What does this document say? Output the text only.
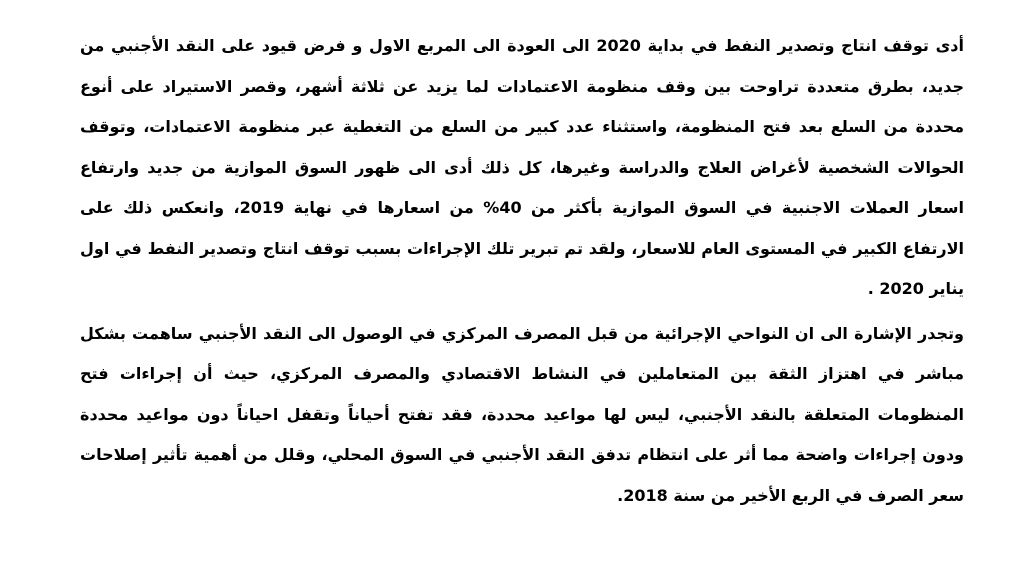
أدى توقف انتاج وتصدير النفط في بداية 2020 الى العودة الى المربع الاول و فرض قيود على النقد الأجنبي من جديد، بطرق متعددة تراوحت بين وقف منظومة الاعتمادات لما يزيد عن ثلاثة أشهر، وقصر الاستيراد على أنوع محددة من السلع بعد فتح المنظومة، واستثناء عدد كبير من السلع من التغطية عبر منظومة الاعتمادات، وتوقف الحوالات الشخصية لأغراض العلاج والدراسة وغيرها، كل ذلك أدى الى ظهور السوق الموازية من جديد وارتفاع اسعار العملات الاجنبية في السوق الموازية بأكثر من 40% من اسعارها في نهاية 2019، وانعكس ذلك على الارتفاع الكبير في المستوى العام للاسعار، ولقد تم تبرير تلك الإجراءات بسبب توقف انتاج وتصدير النفط في اول يناير 2020 .

وتجدر الإشارة الى ان النواحي الإجرائية من قبل المصرف المركزي في الوصول الى النقد الأجنبي ساهمت بشكل مباشر في اهتزاز الثقة بين المتعاملين في النشاط الاقتصادي والمصرف المركزي، حيث أن إجراءات فتح المنظومات المتعلقة بالنقد الأجنبي، ليس لها مواعيد محددة، فقد تفتح أحياناً وتقفل احياناً دون مواعيد محددة ودون إجراءات واضحة مما أثر على انتظام تدفق النقد الأجنبي في السوق المحلي، وقلل من أهمية تأثير إصلاحات سعر الصرف في الربع الأخير من سنة 2018.
